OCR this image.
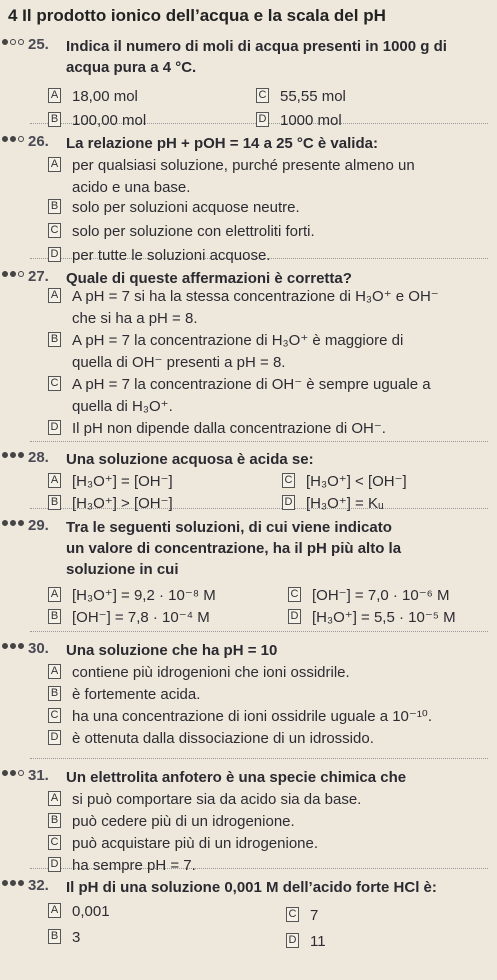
4 Il prodotto ionico dell’acqua e la scala del pH
25. Indica il numero di moli di acqua presenti in 1000 g di
acqua pura a 4 °C.
A 18,00 mol
B 100,00 mol
C 55,55 mol
D 1000 mol
26. La relazione pH + pOH = 14 a 25 °C è valida:
A per qualsiasi soluzione, purché presente almeno un
acido e una base.
B solo per soluzioni acquose neutre.
C solo per soluzione con elettroliti forti.
D per tutte le soluzioni acquose.
27. Quale di queste affermazioni è corretta?
A A pH = 7 si ha la stessa concentrazione di H₃O⁺ e OH⁻
che si ha a pH = 8.
B A pH = 7 la concentrazione di H₃O⁺ è maggiore di
quella di OH⁻ presenti a pH = 8.
C A pH = 7 la concentrazione di OH⁻ è sempre uguale a
quella di H₃O⁺.
D Il pH non dipende dalla concentrazione di OH⁻.
28. Una soluzione acquosa è acida se:
A [H₃O⁺] = [OH⁻]
B [H₃O⁺] > [OH⁻]
C [H₃O⁺] < [OH⁻]
D [H₃O⁺] = Kᵤ
29. Tra le seguenti soluzioni, di cui viene indicato
un valore di concentrazione, ha il pH più alto la
soluzione in cui
A [H₃O⁺] = 9,2 · 10⁻⁸ M
B [OH⁻] = 7,8 · 10⁻⁴ M
C [OH⁻] = 7,0 · 10⁻⁶ M
D [H₃O⁺] = 5,5 · 10⁻⁵ M
30. Una soluzione che ha pH = 10
A contiene più idrogenioni che ioni ossidrile.
B è fortemente acida.
C ha una concentrazione di ioni ossidrile uguale a 10⁻¹⁰.
D è ottenuta dalla dissociazione di un idrossido.
31. Un elettrolita anfotero è una specie chimica che
A si può comportare sia da acido sia da base.
B può cedere più di un idrogenione.
C può acquistare più di un idrogenione.
D ha sempre pH = 7.
32. Il pH di una soluzione 0,001 M dell’acido forte HCl è:
A 0,001
B 3
C 7
D 11
